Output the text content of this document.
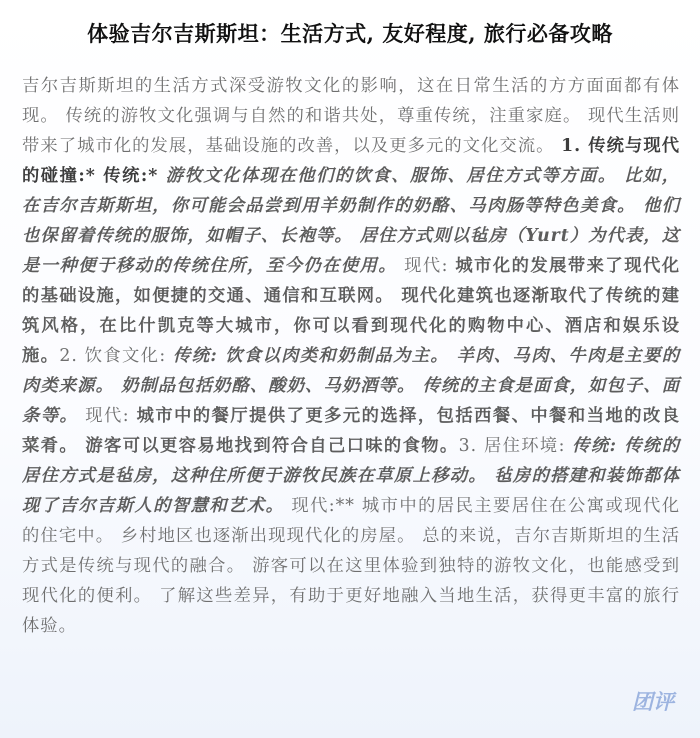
体验吉尔吉斯斯坦：生活方式, 友好程度, 旅行必备攻略
吉尔吉斯斯坦的生活方式深受游牧文化的影响，这在日常生活的方方面面都有体现。 传统的游牧文化强调与自然的和谐共处，尊重传统，注重家庭。 现代生活则带来了城市化的发展，基础设施的改善，以及更多元的文化交流。 1. 传统与现代的碰撞:* 传统:* 游牧文化体现在他们的饮食、服饰、居住方式等方面。 比如，在吉尔吉斯斯坦，你可能会品尝到用羊奶制作的奶酪、马肉肠等特色美食。 他们也保留着传统的服饰，如帽子、长袍等。 居住方式则以毡房（Yurt）为代表，这是一种便于移动的传统住所，至今仍在使用。 现代: 城市化的发展带来了现代化的基础设施，如便捷的交通、通信和互联网。 现代化建筑也逐渐取代了传统的建筑风格，在比什凯克等大城市，你可以看到现代化的购物中心、酒店和娱乐设施。2. 饮食文化: 传统: 饮食以肉类和奶制品为主。 羊肉、马肉、牛肉是主要的肉类来源。 奶制品包括奶酪、酸奶、马奶酒等。 传统的主食是面食，如包子、面条等。 现代: 城市中的餐厅提供了更多元的选择，包括西餐、中餐和当地的改良菜肴。 游客可以更容易地找到符合自己口味的食物。3. 居住环境: 传统: 传统的居住方式是毡房，这种住所便于游牧民族在草原上移动。 毡房的搭建和装饰都体现了吉尔吉斯人的智慧和艺术。 现代:** 城市中的居民主要居住在公寓或现代化的住宅中。 乡村地区也逐渐出现现代化的房屋。 总的来说，吉尔吉斯斯坦的生活方式是传统与现代的融合。 游客可以在这里体验到独特的游牧文化，也能感受到现代化的便利。 了解这些差异，有助于更好地融入当地生活，获得更丰富的旅行体验。
团评
